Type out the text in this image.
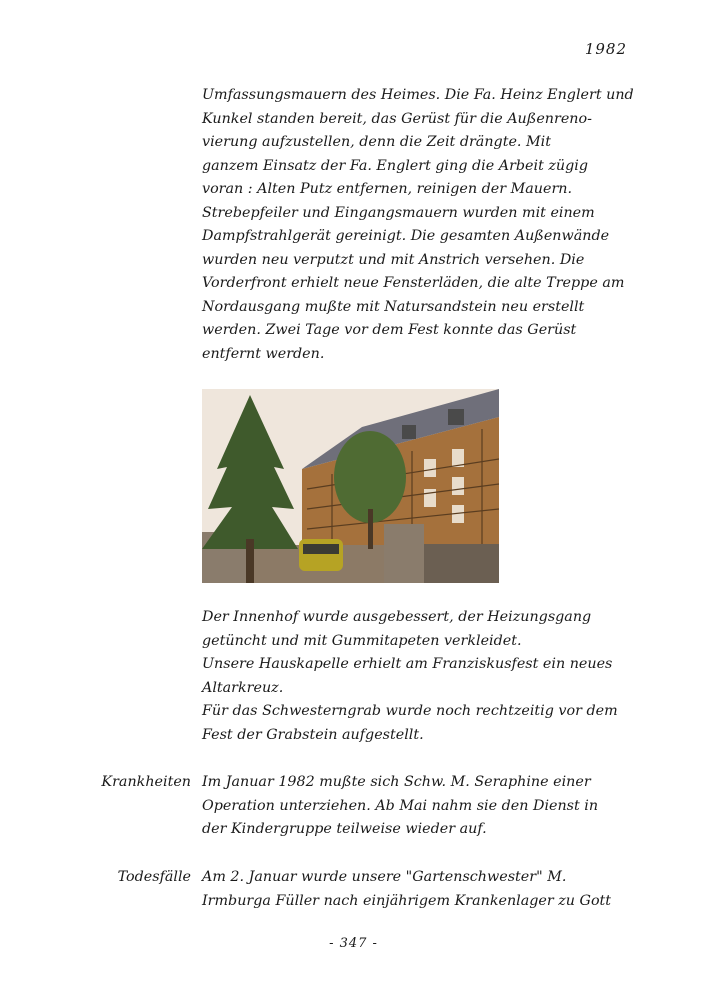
1982
Umfassungsmauern des Heimes. Die Fa. Heinz Englert und
Kunkel standen bereit, das Gerüst für die Außenreno-
vierung aufzustellen, denn die Zeit drängte. Mit
ganzem Einsatz der Fa. Englert ging die Arbeit zügig
voran : Alten Putz entfernen, reinigen der Mauern.
Strebepfeiler und Eingangsmauern wurden mit einem
Dampfstrahlgerät gereinigt. Die gesamten Außenwände
wurden neu verputzt und mit Anstrich versehen. Die
Vorderfront erhielt neue Fensterläden, die alte Treppe am
Nordausgang mußte mit Natursandstein neu erstellt
werden. Zwei Tage vor dem Fest konnte das Gerüst
entfernt werden.
Der Innenhof wurde ausgebessert, der Heizungsgang
getüncht und mit Gummitapeten verkleidet.
Unsere Hauskapelle erhielt am Franziskusfest ein neues
Altarkreuz.
Für das Schwesterngrab wurde noch rechtzeitig vor dem
Fest der Grabstein aufgestellt.
Krankheiten Im Januar 1982 mußte sich Schw. M. Seraphine einer
Operation unterziehen. Ab Mai nahm sie den Dienst in
der Kindergruppe teilweise wieder auf.
Todesfälle Am 2. Januar wurde unsere "Gartenschwester" M.
Irmburga Füller nach einjährigem Krankenlager zu Gott
- 347 -
